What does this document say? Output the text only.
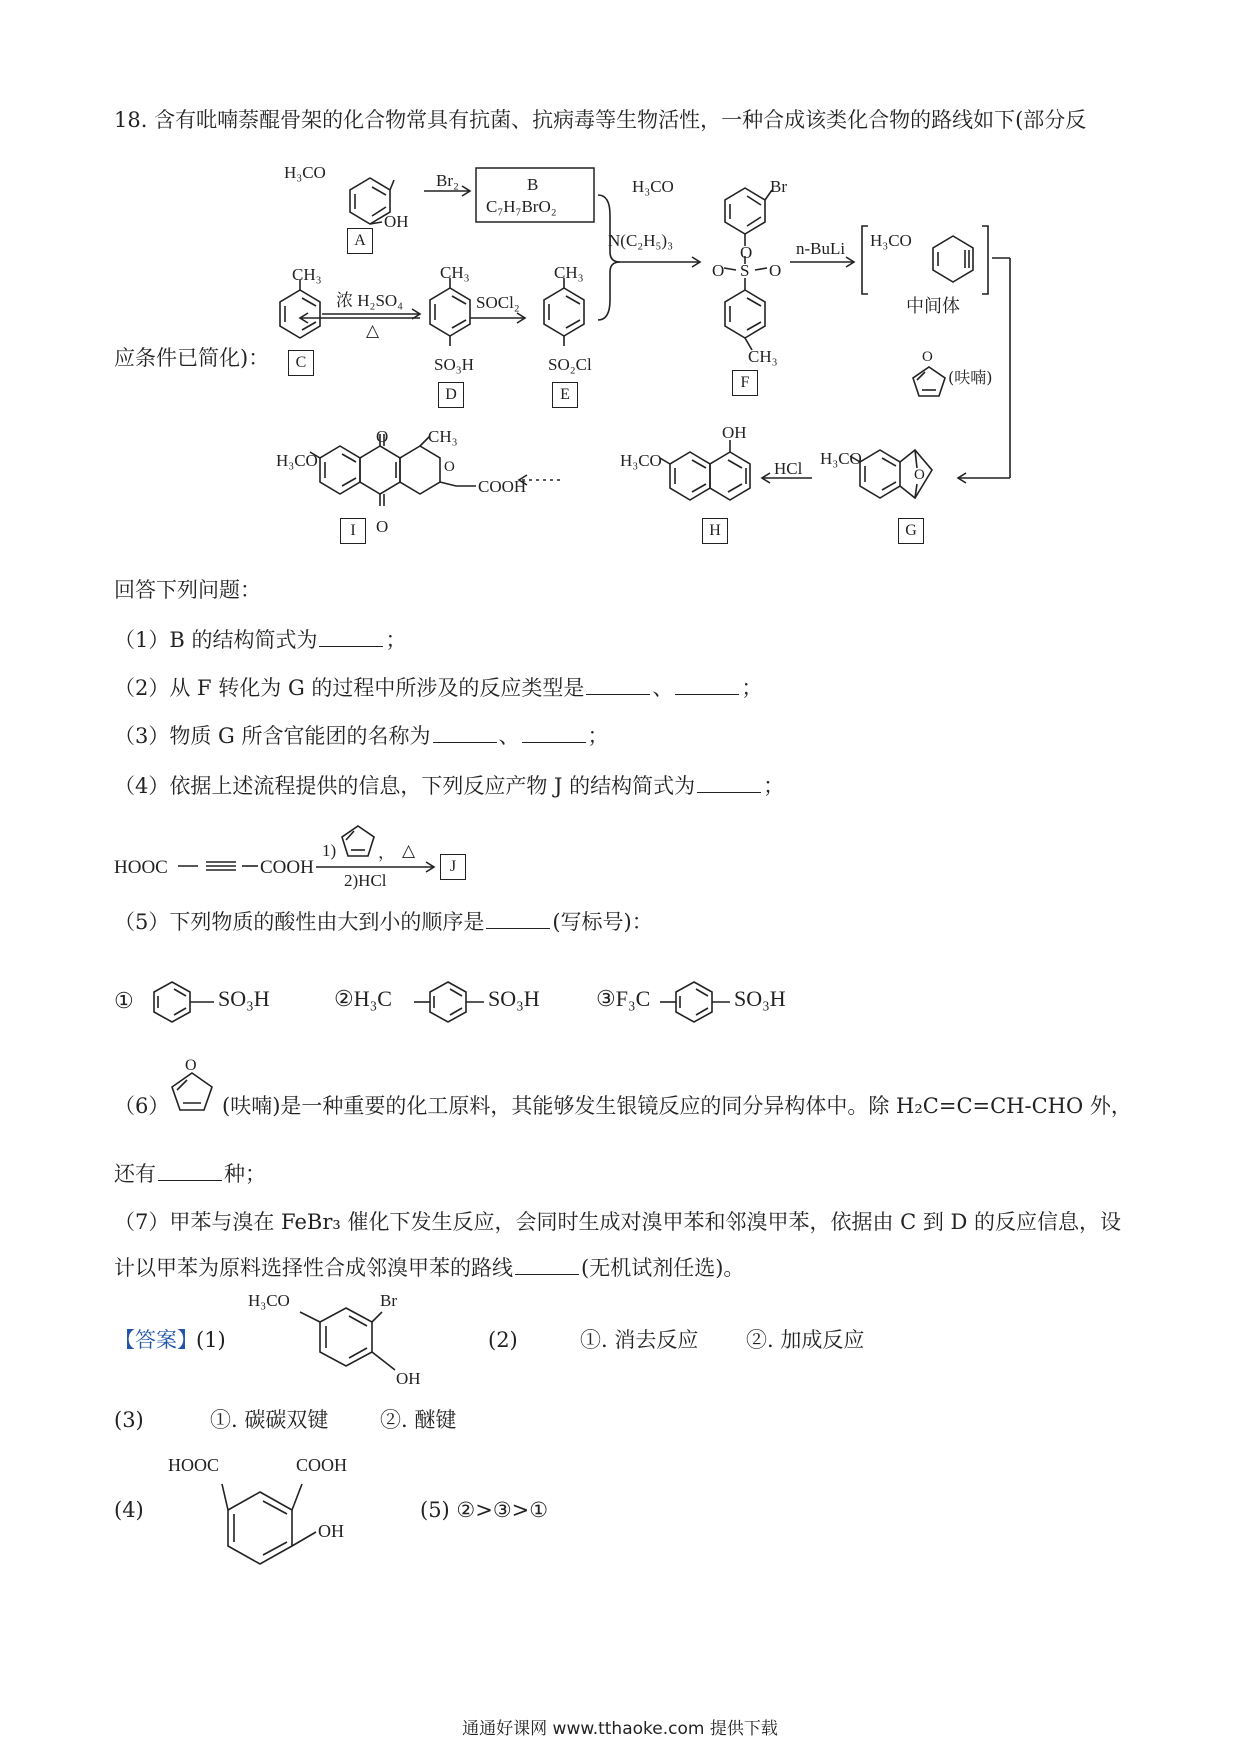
18. 含有吡喃萘醌骨架的化合物常具有抗菌、抗病毒等生物活性，一种合成该类化合物的路线如下(部分反
应条件已简化)：
H₃CO
OH
A
Br₂	B
C₇H₇BrO₂
H₃CO	Br
N(C₂H₅)₃
O
S
O	O
CH₃
F
n-BuLi H₃CO
中间体
CH₃
C
浓 H₂SO₄
△
CH₃
SO₃H
D
SOCl₂
CH₃
SO₂Cl
E
O
(呋喃)
H₃CO
O CH₃
O
COOH
O
I
H₃CO
OH
H
HCl
H₃CO
O
G
回答下列问题：
（1）B 的结构简式为	；
（2）从 F 转化为 G 的过程中所涉及的反应类型是	、	；
（3）物质 G 所含官能团的名称为	、	；
（4）依据上述流程提供的信息，下列反应产物 J 的结构简式为	；
HOOC	COOH
1) ， △
2)HCl
J
（5）下列物质的酸性由大到小的顺序是	(写标号)：
①	SO₃H	②H₃C	SO₃H	③F₃C	SO₃H
（6）
O
(呋喃)是一种重要的化工原料，其能够发生银镜反应的同分异构体中。除 H₂C=C=CH-CHO 外，
还有	种；
（7）甲苯与溴在 FeBr₃ 催化下发生反应，会同时生成对溴甲苯和邻溴甲苯，依据由 C 到 D 的反应信息，设
计以甲苯为原料选择性合成邻溴甲苯的路线	(无机试剂任选)。
【答案】
(1)
H₃CO	Br
OH
(2)	①. 消去反应 ②. 加成反应
(3)	①. 碳碳双键 ②. 醚键
(4)
HOOC	COOH
OH
(5) ②>③>①
通通好课网 www.tthaoke.com 提供下载
